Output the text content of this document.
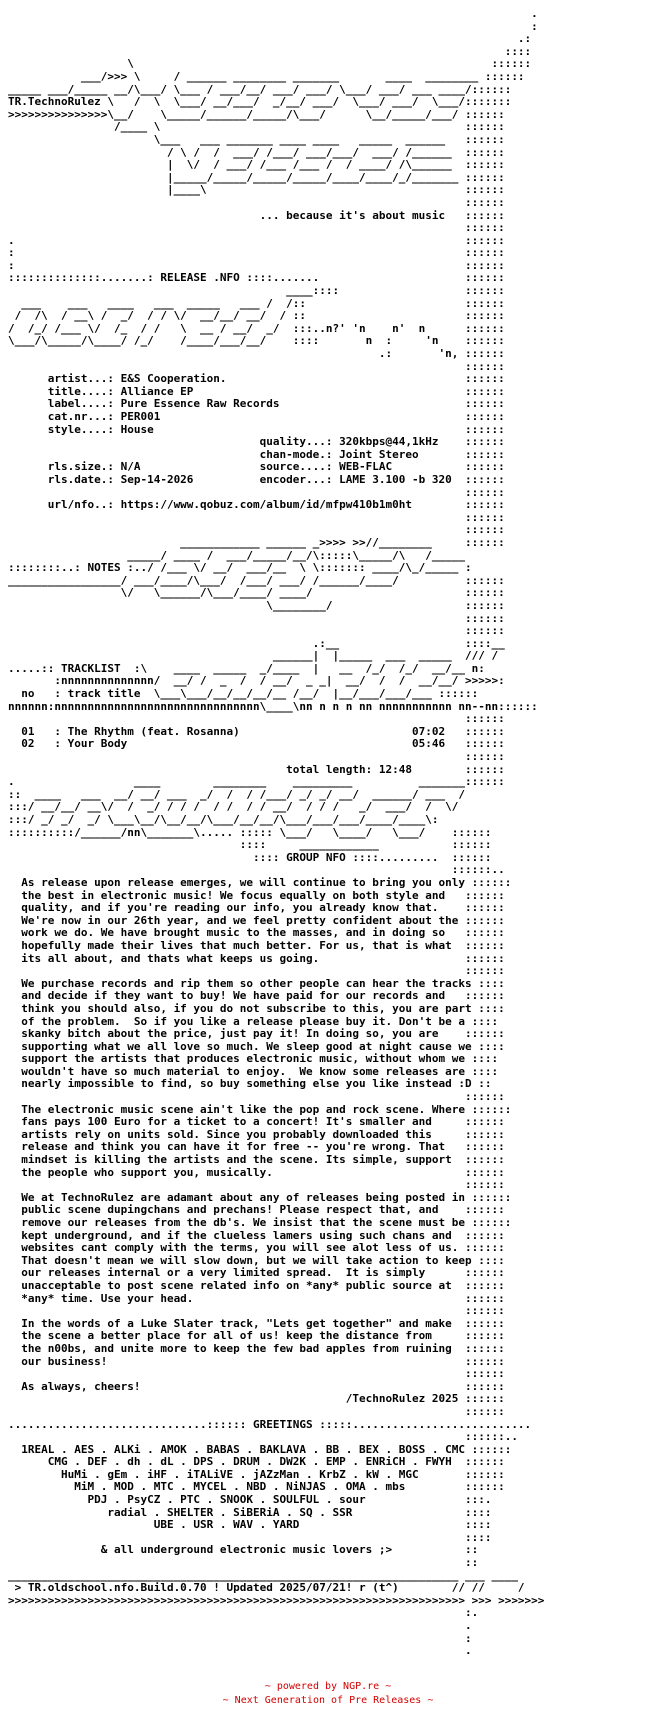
.
:
.:
::::
\                                                      ::::::
___/>>> \     / ______ ________ _______       ____  ________ ::::::
_____ ___/_____ __/\___/ \___ / ___/__/ ___/ ___/ \___/ ___/ ___ ____/::::::
TR.TechnoRulez \   /  \  \___/ __/___/  _/__/ ___/  \___/ ___/  \___/:::::::
>>>>>>>>>>>>>>>\__/    \_____/______/_____/\___/      \__/_____/___/ ::::::
/____ \                                              ::::::
\___   ___ _______ ____ ____   _____  ______   ::::::
/ \ /  /  ___/ /___/ ___/___/  ___/ /______  ::::::
|  \/  / ___/ /___ /___ /  / ____/ /\______  ::::::
|_____/_____/_____/_____/____/____/_/_______ ::::::
|____\                                       ::::::
::::::
... because it's about music   ::::::
::::::
.                                                                    ::::::
:                                                                    ::::::
:                                                                    ::::::
::::::::::::::.......: RELEASE .NFO ::::.......                      ::::::
____::::                   ::::::
___    ___   ____   ___  _____   ___ /  /::                        ::::::
/  /\  / __\ /  _/  / / \/  __/__/ __/  / ::                        ::::::
/  /_/ /___ \/  /_  / /   \  __ / __/  _/  :::..n?' 'n    n'  n      ::::::
\___/\_____/\____/ /_/    /____/___/__/    ::::       n  :     'n    ::::::
.:       'n, ::::::
::::::
artist...: E&S Cooperation.                                    ::::::
title....: Alliance EP                                         ::::::
label....: Pure Essence Raw Records                            ::::::
cat.nr...: PER001                                              ::::::
style....: House                                               ::::::
quality...: 320kbps@44,1kHz    ::::::
chan-mode.: Joint Stereo       ::::::
rls.size.: N/A                  source....: WEB-FLAC           ::::::
rls.date.: Sep-14-2026          encoder...: LAME 3.100 -b 320  ::::::
::::::
url/nfo..: https://www.qobuz.com/album/id/mfpw410b1m0ht        ::::::
::::::
::::::
____________ ______ _>>>> >>//________     ::::::
_____/ ____ /  ___/_____/__/\:::::\_____/\   /_____
::::::::..: NOTES :../ /___ \/ __/  ___/__  \ \::::::: ____/\_/_____ :
_________________/ ___/____/\___/  /___/ ___/ /______/____/          ::::::
\/   \______/\___/____/ ____/                       ::::::
\________/                    ::::::
::::::
::::::
.:__                   ::::__
______|  |_____  ___  _____  /// /
.....:: TRACKLIST  :\    ____  _____  _/____  |   __  /_/  /_/  __/__ n:
:nnnnnnnnnnnnnn/  __/ /  _  /  / __/  _ _|  __/  /  /  __/__/ >>>>>:
no   : track title  \___\___/__/__/__/__ /__/  |__/___/___/___ ::::::
nnnnnn:nnnnnnnnnnnnnnnnnnnnnnnnnnnnnnn\____\nn n n n nn nnnnnnnnnnn nn--nn::::::
::::::
01   : The Rhythm (feat. Rosanna)                          07:02   ::::::
02   : Your Body                                           05:46   ::::::
::::::
total length: 12:48        ::::::
.                  ____        ________    _________          _______::::::
::  ____   ___  __/ __/ ___  _/  /  / /___/ _/ _/ __/  ______/ ___  /
:::/ __/__/ __\/  /  _/ / / /  / /  / / __/  / / /   _/  ___/  /  \/
:::/ _/ _/  _/ \___\__/\__/__/\___/__/__/\___/___/___/____/____\:
::::::::::/______/nn\_______\..... ::::: \___/   \____/   \___/    ::::::
::::     ____________           ::::::
:::: GROUP NFO ::::.........  ::::::
::::::..
As release upon release emerges, we will continue to bring you only ::::::
the best in electronic music! We focus equally on both style and   ::::::
quality, and if you're reading our info, you already know that.    ::::::
We're now in our 26th year, and we feel pretty confident about the ::::::
work we do. We have brought music to the masses, and in doing so   ::::::
hopefully made their lives that much better. For us, that is what  ::::::
its all about, and thats what keeps us going.                      ::::::
::::::
We purchase records and rip them so other people can hear the tracks ::::
and decide if they want to buy! We have paid for our records and   ::::::
think you should also, if you do not subscribe to this, you are part ::::
of the problem.  So if you like a release please buy it. Don't be a ::::
skanky bitch about the price, just pay it! In doing so, you are    ::::::
supporting what we all love so much. We sleep good at night cause we ::::
support the artists that produces electronic music, without whom we ::::
wouldn't have so much material to enjoy.  We know some releases are ::::
nearly impossible to find, so buy something else you like instead :D ::
::::::
The electronic music scene ain't like the pop and rock scene. Where ::::::
fans pays 100 Euro for a ticket to a concert! It's smaller and     ::::::
artists rely on units sold. Since you probably downloaded this     ::::::
release and think you can have it for free -- you're wrong. That   ::::::
mindset is killing the artists and the scene. Its simple, support  ::::::
the people who support you, musically.                             ::::::
::::::
We at TechnoRulez are adamant about any of releases being posted in ::::::
public scene dupingchans and prechans! Please respect that, and    ::::::
remove our releases from the db's. We insist that the scene must be ::::::
kept underground, and if the clueless lamers using such chans and  ::::::
websites cant comply with the terms, you will see alot less of us. ::::::
That doesn't mean we will slow down, but we will take action to keep ::::
our releases internal or a very limited spread.  It is simply      ::::::
unacceptable to post scene related info on *any* public source at  ::::::
*any* time. Use your head.                                         ::::::
::::::
In the words of a Luke Slater track, "Lets get together" and make  ::::::
the scene a better place for all of us! keep the distance from     ::::::
the n00bs, and unite more to keep the few bad apples from ruining  ::::::
our business!                                                      ::::::
::::::
As always, cheers!                                                 ::::::
/TechnoRulez 2025 ::::::
::::::
..............................:::::: GREETINGS :::::...........................
::::::..
1REAL . AES . ALKi . AMOK . BABAS . BAKLAVA . BB . BEX . BOSS . CMC ::::::
CMG . DEF . dh . dL . DPS . DRUM . DW2K . EMP . ENRiCH . FWYH  ::::::
HuMi . gEm . iHF . iTALiVE . jAZzMan . KrbZ . kW . MGC       ::::::
MiM . MOD . MTC . MYCEL . NBD . NiNJAS . OMA . mbs         ::::::
PDJ . PsyCZ . PTC . SNOOK . SOULFUL . sour               :::.
radial . SHELTER . SiBERiA . SQ . SSR                 ::::
UBE . USR . WAV . YARD                         ::::
::::
& all underground electronic music lovers ;>           ::
::
____________________________________________________________________ ___ ____
> TR.oldschool.nfo.Build.0.70 ! Updated 2025/07/21! r (t^)        // //     /
>>>>>>>>>>>>>>>>>>>>>>>>>>>>>>>>>>>>>>>>>>>>>>>>>>>>>>>>>>>>>>>>>>>>> >>> >>>>>>>
:.
.
:
.

~ powered by NGP.re ~
~ Next Generation of Pre Releases ~
